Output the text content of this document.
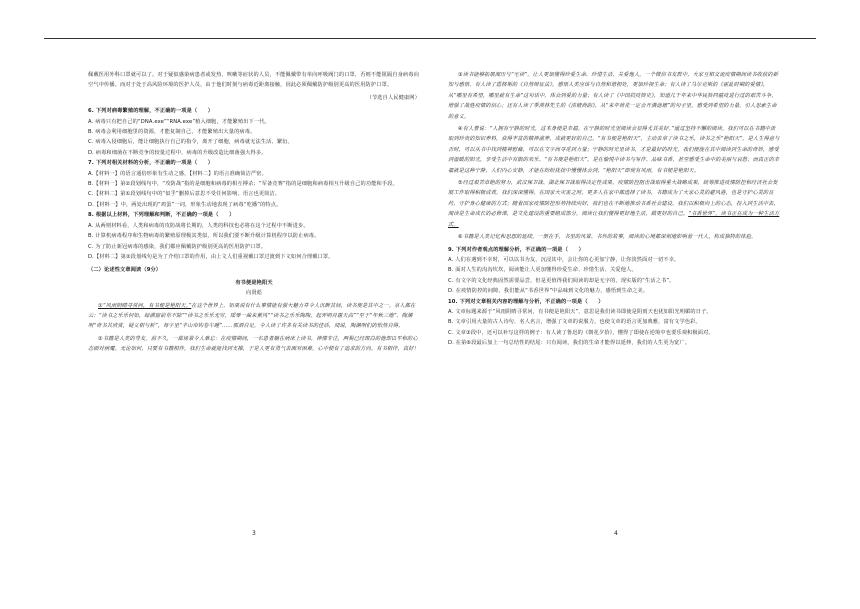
佩戴医用外科口罩就可以了。对于疑似感染病患者或发热、咳嗽等症状的人员，不能佩戴带有单向呼吸阀门的口罩，否则不能阻隔自身病毒向空气中传播。而对于处于高风险环境的医护人员，由于他们时刻与病毒近距离接触，因此必须佩戴防护级别更高的医用防护口罩。

（节选自人民健康网）

6. 下列对病毒繁殖的理解，不正确的一项是（　　）

A. 病毒只有把自己的“DNA.exe”“RNA.exe”植入细胞，才能繁殖出下一代。

B. 病毒会利用细胞里的资源，才能复制自己，才能繁殖出大量的病毒。

C. 病毒入侵细胞后，能让细胞执行自己的指令，离开了细胞，病毒就无法生活、繁衍。

D. 病毒和细菌在不断竞争的较量过程中，病毒的升级改造比细菌强大得多。

7. 下列对相关材料的分析，不正确的一项是（　　）

A.【材料一】的语言通俗形象有生动之感，【材料二】的语言准确简洁严密。

B.【材料一】第②段划线句中，“攻防战”指的是细胞和病毒的相互搏杀；“军备竞赛”指的是细胞和病毒相互升级自己的功能和手段。

C.【材料二】第①段划线句中的“似乎”删掉后意思不受任何影响，语言也更简洁。

D.【材料一】中，两处出现的“鸡蛋”一词，形象生动地表现了病毒“吃播”的特点。

8. 根据以上材料，下列理解和判断，不正确的一项是（　　）

A. 从两则材料看，人类和病毒的攻防战将长期的，人类的科技也必将在这个过程中不断进步。

B. 计算机病毒程序和生物病毒的繁殖原理极其类似，所以我们要不断升级计算机程序以防止病毒。

C. 为了防止新冠病毒的感染，我们都应佩戴防护级别更高的医用防护口罩。

D.【材料二】第②段划线句是为了介绍口罩的作用，由上文人们重视戴口罩过渡到下文如何合理戴口罩。

（二）论述性文章阅读（9分）

有书便是艳阳天

向贤彪

①“风雨阴晴寻常问，有书便是艳阳天。”在这个世界上，如果说有什么事情能有强大魅力并令人沉醉其间，读书便是其中之一。京人都在云：“读书之乐乐何如，绿满窗前草不除”“读书之乐乐无穷，瑶琴一曲来薰风”“读书之乐乐陶陶，起弄明月霜天高”“至于“年秋三地”、陶渊明“奇书共欣赏，疑义相与析”，每字里“半山帘钩卷午睡”……那洒自足，令人读了许多有关读书的佳话，闻说，陶渊明们的怡然自得。

②书籍是人类的导友。前不久，一幕场景令人难忘：在疫情期间，一名患者躺在病床上读书，神情专注，两鬓已经斑白的他却以平和的心态面对病魔。无论如何，只要有书籍相伴，我们生命就能找到支撑，于是人更有勇气去面对困难，心中便有了追求的方向。有书相伴，真好！

3

③读书能够拓展阅历与“宅读”，让人更加懂得珍爱生命、珍惜生活、关爱他人。一个微信书友群中，大家互相交流疫情期间读书收获的新知与感悟。有人读了恩格斯的《自然辩证法》，感悟人类应该与自然和谐相处，更加珍视生命；有人读了马尔克斯的《霍乱时期的爱情》，从“哪里有希望，哪里就有生命”这句话中，体会到爱的力量；有人读了《中国抗疫简史》，知道几千年来中华民族同瘟疫进行过的艰苦斗争，增强了战胜疫情的信心；还有人读了季羡林先生的《清塘荷韵》，从“来年荷花一定会开满池塘”的句子里，感受到希望的力量，引人思索生命的意义。

④有人曾说：“人拥有宁静的时光，这本身便是幸福。在宁静的时光里阅读会显得尤其美好。”通过坚持不懈的阅读，我们可以在书籍中汲取到珍贵的知识养料，获得丰富的精神滋养，成就更好的自己。“有书便是艳阳天”，主动去拿了读书之乐，读书之乐“艳阳天”，是人生得意与否时，可以从书中找到精神慰藉，可以在文字间寻觅到力量；宁静的时光里读书，才是最好的时光，我们便能在其中阅读到生命的奇妙，感受到温暖的阳光，享受生活中有限的欢乐。“有书便是艳阳天”，是在愉悦中读书与写作、品味书香，甚至感受生命中的美丽与哀愁；而真正的幸福就是这种宁静，人们内心安静，才能在纷纷扰扰中慢慢体会到，“艳阳天”即使有风雨，有书便是艳阳天。

⑤经过艰苦卓绝的努力，武汉保卫战、湖北保卫战取得决定性成果，疫情防控阻击战取得重大战略成果，统筹推进疫情防控和经济社会发展工作取得积极成效。我们深深懂得，在国家大灾害之时，更多人在家中都选择了读书，书籍成为了大家心灵的避风港，也是守护心灵的良药，守护身心健康的方式；随着国家疫情防控形势持续向好，我们也在不断地推动书香社会建设。我们以积极向上的心态，投入到生活中去，阅读是生命成长的必修课，是文化建设的重要组成部分，阅读让我们懂得更好地生活，做更好的自己。“书香世界”，读书正在成为一种生活方式。

⑥书籍是人类记忆和思想的延续，一册在手，书里的风景、书外的故事，阅读的心境都深刻地影响着一代人，构成独特的体验。

9. 下列对作者观点的理解分析，不正确的一项是（　　）

A. 人们在遇到不幸时，可以以书为友，沉浸其中，会让你的心更加宁静，让你淡然面对一切不幸。

B. 面对人生的沟沟坎坎，阅读能让人更加懂得珍爱生命、珍惜生活、关爱他人。

C. 有文字的文化经典固然需要品尝，但是更值得我们阅读的却是无字的、现实版的“生活之书”。

D. 在疫情防控的间隙，我们能从“书香世界”中品味到文化的魅力，感悟到生命之美。

10. 下列对文章相关内容的理解与分析，不正确的一项是（　　）

A. 文章标题来源于“风雨阴晴寻常问，有书便是艳阳天”，意思是我们读书即使是阴雨天也犹如阳光明媚的日子。

B. 文章引用大量的古人诗句、名人名言，增强了文章的说服力，也使文章的语言更加典雅，富有文学色彩。

C. 文章③段中，还可以补写这样的例子：有人读了鲁迅的《朝花夕拾》，懂得了即使在逆境中也要乐观积极面对。

D. 在第⑥段最后加上一句总结性的结尾：只有阅读，我们的生命才能得以延伸，我们的人生更为宽广。

4
